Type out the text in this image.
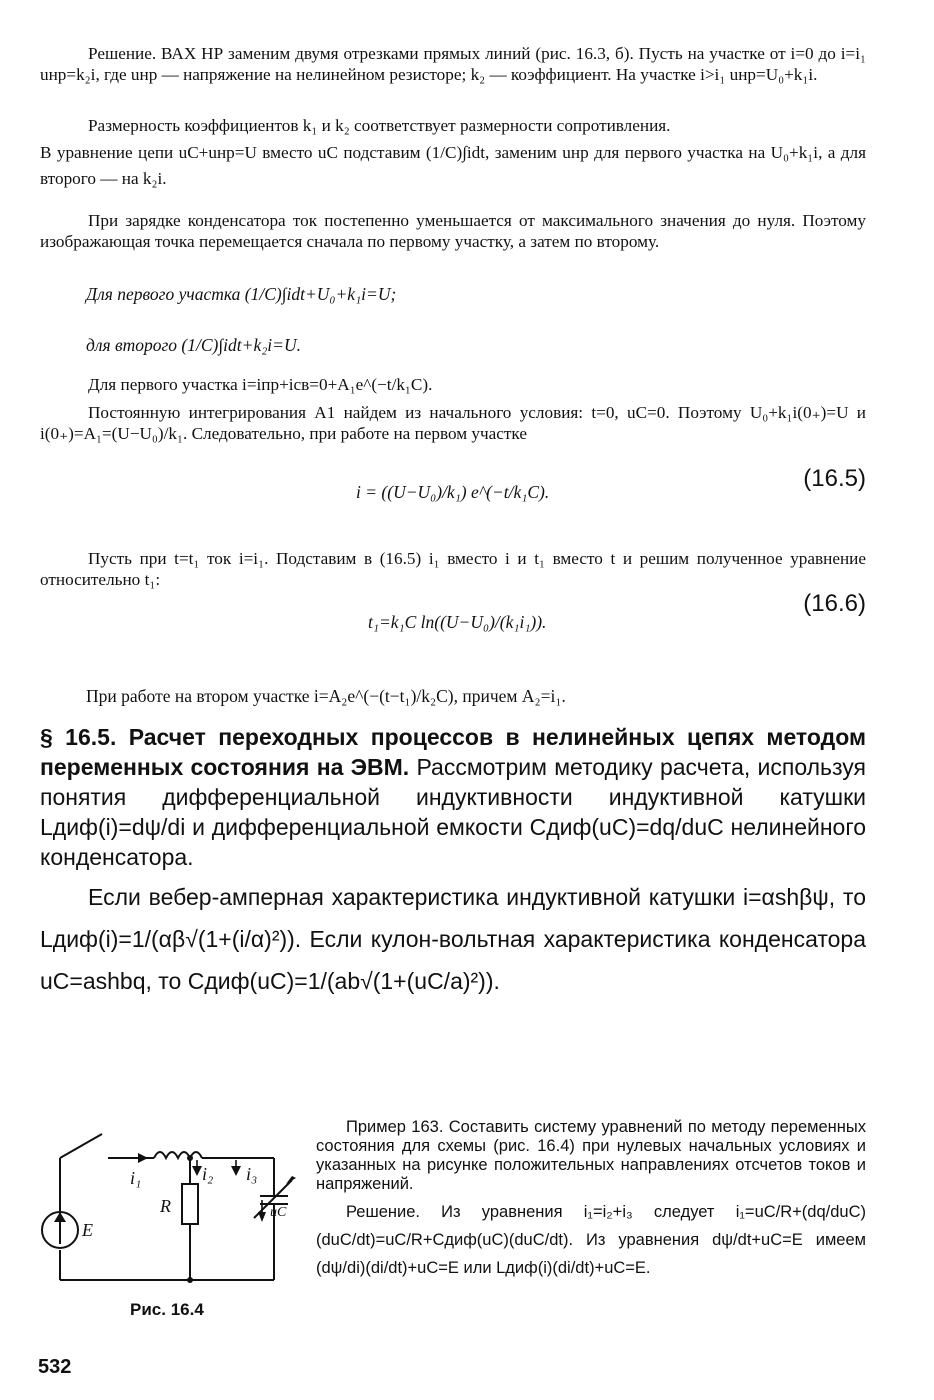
Решение. ВАХ НР заменим двумя отрезками прямых линий (рис. 16.3, б). Пусть на участке от i=0 до i=i₁ uнр=k₂i, где uнр — напряжение на нелинейном резисторе; k₂ — коэффициент. На участке i>i₁ uнр=U₀+k₁i.

Размерность коэффициентов k₁ и k₂ соответствует размерности сопротивления.

В уравнение цепи uC+uнр=U вместо uC подставим (1/C)∫idt, заменим uнр для первого участка на U₀+k₁i, а для второго — на k₂i.

При зарядке конденсатора ток постепенно уменьшается от максимального значения до нуля. Поэтому изображающая точка перемещается сначала по первому участку, а затем по второму.

Для первого участка (1/C)∫idt+U₀+k₁i=U;
для второго (1/C)∫idt+k₂i=U.

Для первого участка i=iпр+iсв=0+A₁e^(−t/k₁C).

Постоянную интегрирования A1 найдем из начального условия: t=0, uC=0. Поэтому U₀+k₁i(0₊)=U и i(0₊)=A₁=(U−U₀)/k₁. Следовательно, при работе на первом участке

i = ((U−U₀)/k₁) e^(−t/k₁C).	(16.5)

Пусть при t=t₁ ток i=i₁. Подставим в (16.5) i₁ вместо i и t₁ вместо t и решим полученное уравнение относительно t₁:

t₁=k₁C ln((U−U₀)/(k₁i₁)).
(16.6)
При работе на втором участке i=A₂e^(−(t−t₁)/k₂C), причем A₂=i₁.

§ 16.5. Расчет переходных процессов в нелинейных цепях методом переменных состояния на ЭВМ. Рассмотрим методику расчета, используя понятия дифференциальной индуктивности индуктивной катушки Lдиф(i)=dψ/di и дифференциальной емкости Cдиф(uC)=dq/duC нелинейного конденсатора.

Если вебер-амперная характеристика индуктивной катушки i=αshβψ, то Lдиф(i)=1/(αβ√(1+(i/α)²)). Если кулон-вольтная характеристика конденсатора uC=ashbq, то Cдиф(uC)=1/(ab√(1+(uC/a)²)).

E
R
i₁	i₂ i₃
uC
Рис. 16.4

Пример 163. Составить систему уравнений по методу переменных состояния для схемы (рис. 16.4) при нулевых начальных условиях и указанных на рисунке положительных направлениях отсчетов токов и напряжений.

Решение. Из уравнения i₁=i₂+i₃ следует i₁=uC/R+(dq/duC)(duC/dt)=uC/R+Cдиф(uC)(duC/dt). Из уравнения dψ/dt+uC=E имеем (dψ/di)(di/dt)+uC=E или Lдиф(i)(di/dt)+uC=E.

532
